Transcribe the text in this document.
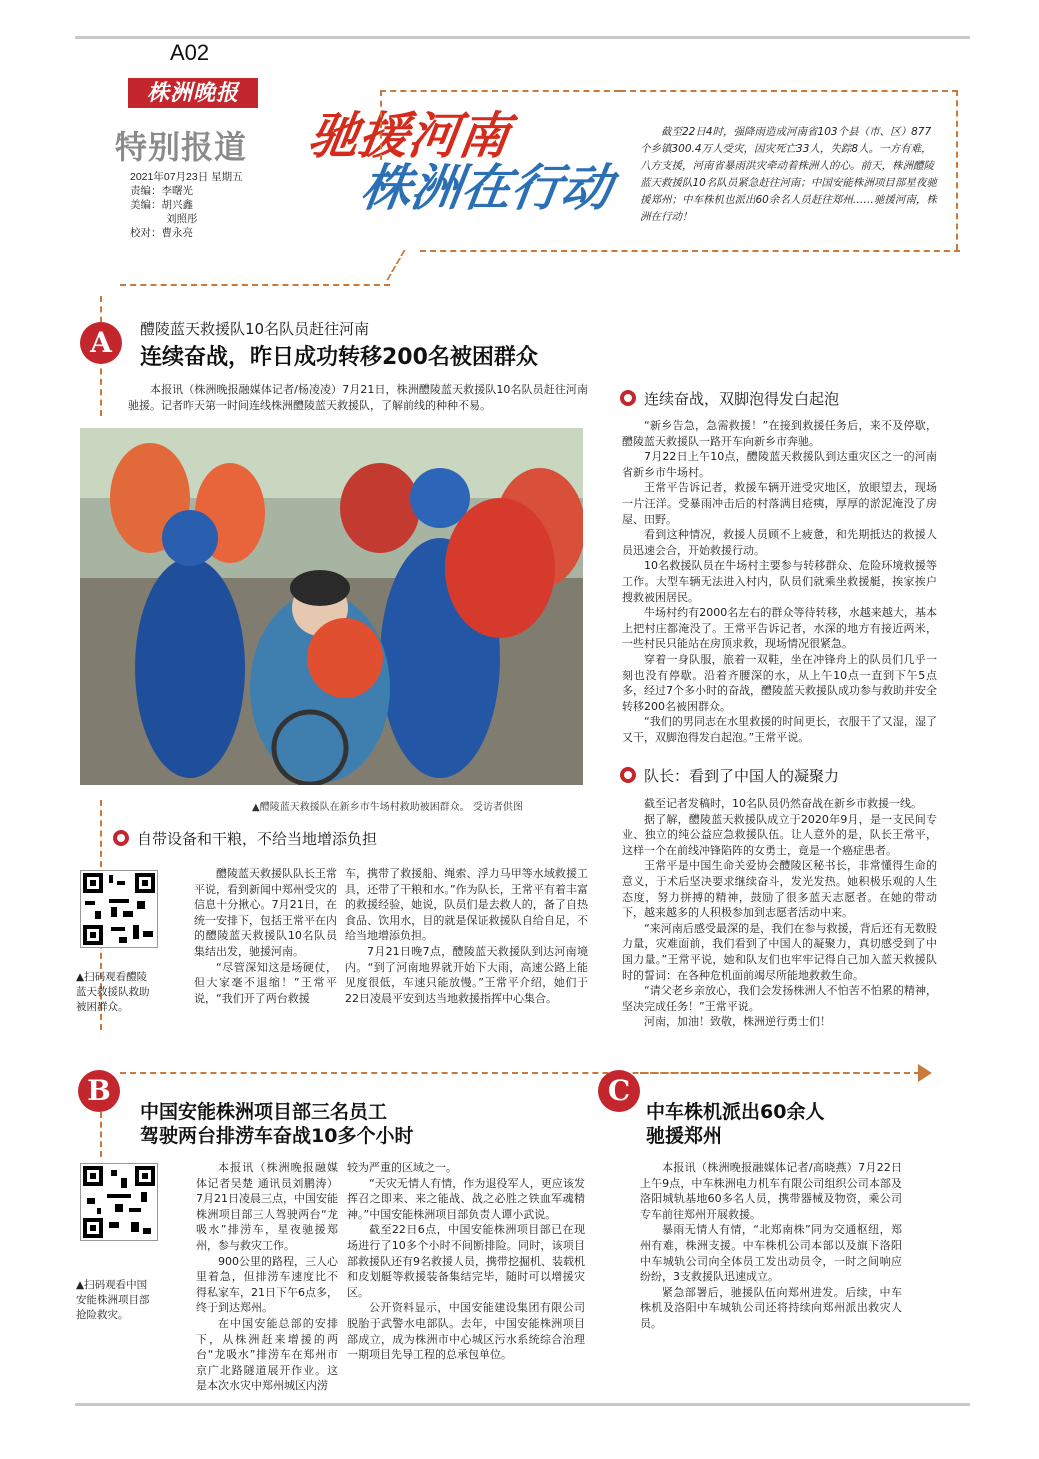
A02
株洲晚报
特别报道
2021年07月23日 星期五
责编：李曙光
美编：胡兴鑫
刘照彤
校对：曹永亮
驰援河南
株洲在行动
截至22日4时，强降雨造成河南省103个县（市、区）877个乡镇300.4万人受灾，因灾死亡33人，失踪8人。一方有难，八方支援，河南省暴雨洪灾牵动着株洲人的心。前天，株洲醴陵蓝天救援队10名队员紧急赶往河南；中国安能株洲项目部星夜驰援郑州；中车株机也派出60余名人员赶往郑州……驰援河南，株洲在行动！
A	醴陵蓝天救援队10名队员赶往河南
连续奋战，昨日成功转移200名被困群众

本报讯（株洲晚报融媒体记者/杨凌凌）7月21日，株洲醴陵蓝天救援队10名队员赶往河南驰援。记者昨天第一时间连线株洲醴陵蓝天救援队，了解前线的种种不易。

▲醴陵蓝天救援队在新乡市牛场村救助被困群众。 受访者供图
连续奋战，双脚泡得发白起泡

“新乡告急，急需救援！”在接到救援任务后，来不及停歇，醴陵蓝天救援队一路开车向新乡市奔驰。

7月22日上午10点，醴陵蓝天救援队到达重灾区之一的河南省新乡市牛场村。

王常平告诉记者，救援车辆开进受灾地区，放眼望去，现场一片汪洋。受暴雨冲击后的村落满目疮痍，厚厚的淤泥淹没了房屋、田野。

看到这种情况，救援人员顾不上疲惫，和先期抵达的救援人员迅速会合，开始救援行动。

10名救援队员在牛场村主要参与转移群众、危险环境救援等工作。大型车辆无法进入村内，队员们就乘坐救援艇，挨家挨户搜救被困居民。

牛场村约有2000名左右的群众等待转移，水越来越大，基本上把村庄都淹没了。王常平告诉记者，水深的地方有接近两米，一些村民只能站在房顶求救，现场情况很紧急。

穿着一身队服，旅着一双鞋，坐在冲锋舟上的队员们几乎一刻也没有停歇。沿着齐腰深的水，从上午10点一直到下午5点多，经过7个多小时的奋战，醴陵蓝天救援队成功参与救助并安全转移200名被困群众。

“我们的男同志在水里救援的时间更长，衣服干了又湿，湿了又干，双脚泡得发白起泡。”王常平说。

队长：看到了中国人的凝聚力

截至记者发稿时，10名队员仍然奋战在新乡市救援一线。

据了解，醴陵蓝天救援队成立于2020年9月，是一支民间专业、独立的纯公益应急救援队伍。让人意外的是，队长王常平，这样一个在前线冲锋陷阵的女勇士，竟是一个癌症患者。

王常平是中国生命关爱协会醴陵区秘书长，非常懂得生命的意义，于术后坚决要求继续奋斗，发光发热。她积极乐观的人生态度，努力拼搏的精神，鼓励了很多蓝天志愿者。在她的带动下，越来越多的人积极参加到志愿者活动中来。

“来河南后感受最深的是，我们在参与救援，背后还有无数股力量，灾难面前，我们看到了中国人的凝聚力，真切感受到了中国力量。”王常平说，她和队友们也牢牢记得自己加入蓝天救援队时的誓词：在各种危机面前竭尽所能地救救生命。

“请父老乡亲放心，我们会发扬株洲人不怕苦不怕累的精神，坚决完成任务！”王常平说。

河南，加油！致敬，株洲逆行勇士们！

自带设备和干粮，不给当地增添负担
▲扫码观看醴陵蓝天救援队救助被困群众。

醴陵蓝天救援队队长王常平说，看到新闻中郑州受灾的信息十分揪心。7月21日，在统一安排下，包括王常平在内的醴陵蓝天救援队10名队员集结出发，驰援河南。

“尽管深知这是场硬仗，但大家毫不退缩！”王常平说，“我们开了两台救援

车，携带了救援船、绳索、浮力马甲等水域救援工具，还带了干粮和水。”作为队长，王常平有着丰富的救援经验，她说，队员们是去救人的，备了自热食品、饮用水，目的就是保证救援队自给自足，不给当地增添负担。

7月21日晚7点，醴陵蓝天救援队到达河南境内。“到了河南地界就开始下大雨，高速公路上能见度很低，车速只能放慢。”王常平介绍，她们于22日凌晨平安到达当地救援指挥中心集合。

B
中国安能株洲项目部三名员工
驾驶两台排涝车奋战10多个小时
▲扫码观看中国安能株洲项目部抢险救灾。

本报讯（株洲晚报融媒体记者吴楚 通讯员刘鹏涛）7月21日凌晨三点，中国安能株洲项目部三人驾驶两台“龙吸水”排涝车，星夜驰援郑州，参与救灾工作。

900公里的路程，三人心里着急，但排涝车速度比不得私家车，21日下午6点多，终于到达郑州。

在中国安能总部的安排下，从株洲赶来增援的两台“龙吸水”排涝车在郑州市京广北路隧道展开作业。这是本次水灾中郑州城区内涝

较为严重的区域之一。

“天灾无情人有情，作为退役军人，更应该发挥召之即来、来之能战、战之必胜之铁血军魂精神。”中国安能株洲项目部负责人谭小武说。

截至22日6点，中国安能株洲项目部已在现场进行了10多个小时不间断排险。同时，该项目部救援队还有9名救援人员，携带挖掘机、装载机和皮划艇等救援装备集结完毕，随时可以增援灾区。

公开资料显示，中国安能建设集团有限公司脱胎于武警水电部队。去年，中国安能株洲项目部成立，成为株洲市中心城区污水系统综合治理一期项目先导工程的总承包单位。

C
中车株机派出60余人
驰援郑州

本报讯（株洲晚报融媒体记者/高晓燕）7月22日上午9点，中车株洲电力机车有限公司组织公司本部及洛阳城轨基地60多名人员，携带器械及物资，乘公司专车前往郑州开展救援。

暴雨无情人有情，“北郑南株”同为交通枢纽，郑州有难，株洲支援。中车株机公司本部以及旗下洛阳中车城轨公司向全体员工发出动员令，一时之间响应纷纷，3支救援队迅速成立。

紧急部署后，驰援队伍向郑州进发。后续，中车株机及洛阳中车城轨公司还将持续向郑州派出救灾人员。
